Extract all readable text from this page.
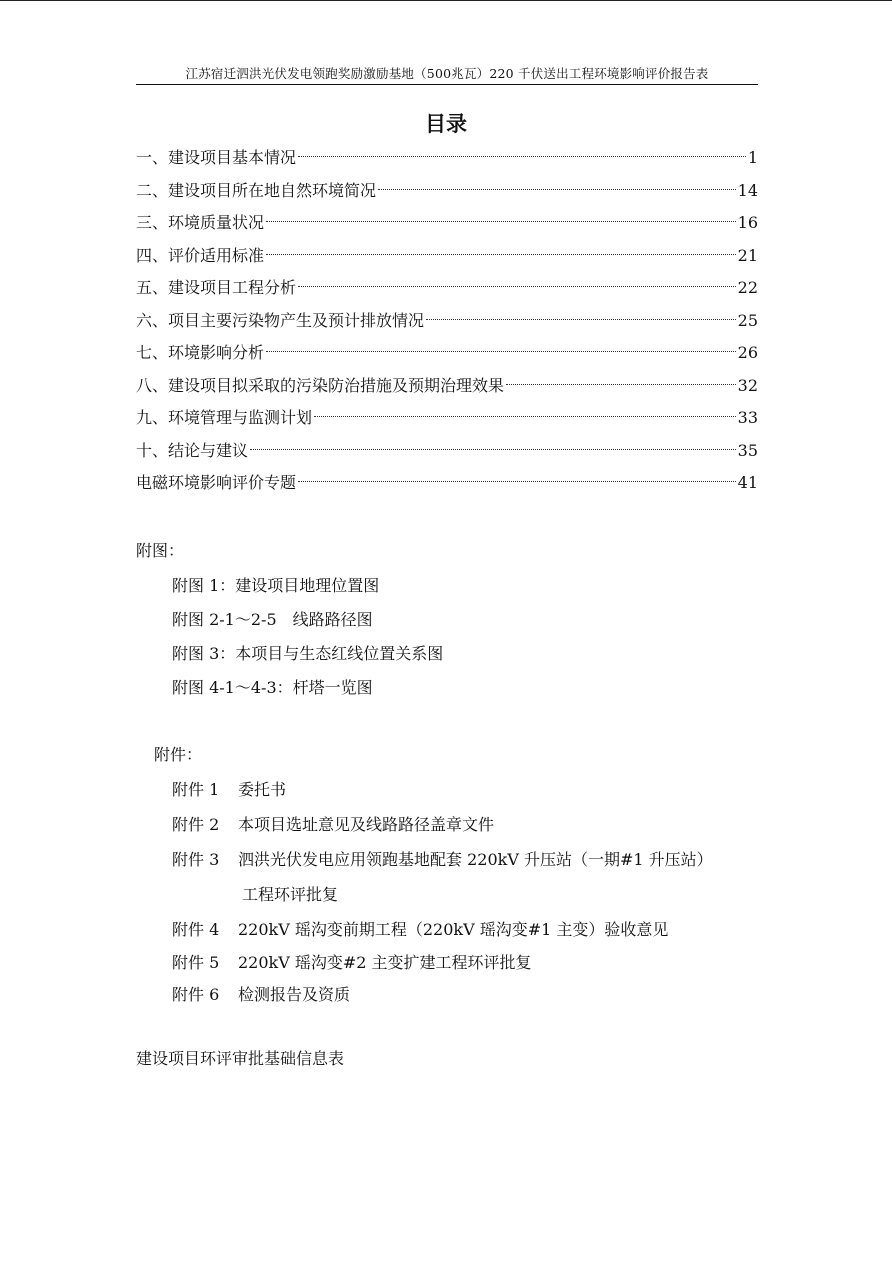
江苏宿迁泗洪光伏发电领跑奖励激励基地（500兆瓦）220 千伏送出工程环境影响评价报告表
目录
一、建设项目基本情况	1
二、建设项目所在地自然环境简况	14
三、环境质量状况	16
四、评价适用标准	21
五、建设项目工程分析	22
六、项目主要污染物产生及预计排放情况	25
七、环境影响分析	26
八、建设项目拟采取的污染防治措施及预期治理效果	32
九、环境管理与监测计划	33
十、结论与建议	35
电磁环境影响评价专题	41
附图：
附图 1：建设项目地理位置图
附图 2-1～2-5　线路路径图
附图 3：本项目与生态红线位置关系图
附图 4-1～4-3：杆塔一览图
附件：
附件 1 委托书
附件 2 本项目选址意见及线路路径盖章文件
附件 3 泗洪光伏发电应用领跑基地配套 220kV 升压站（一期#1 升压站）
工程环评批复
附件 4 220kV 瑶沟变前期工程（220kV 瑶沟变#1 主变）验收意见
附件 5 220kV 瑶沟变#2 主变扩建工程环评批复
附件 6 检测报告及资质
建设项目环评审批基础信息表
